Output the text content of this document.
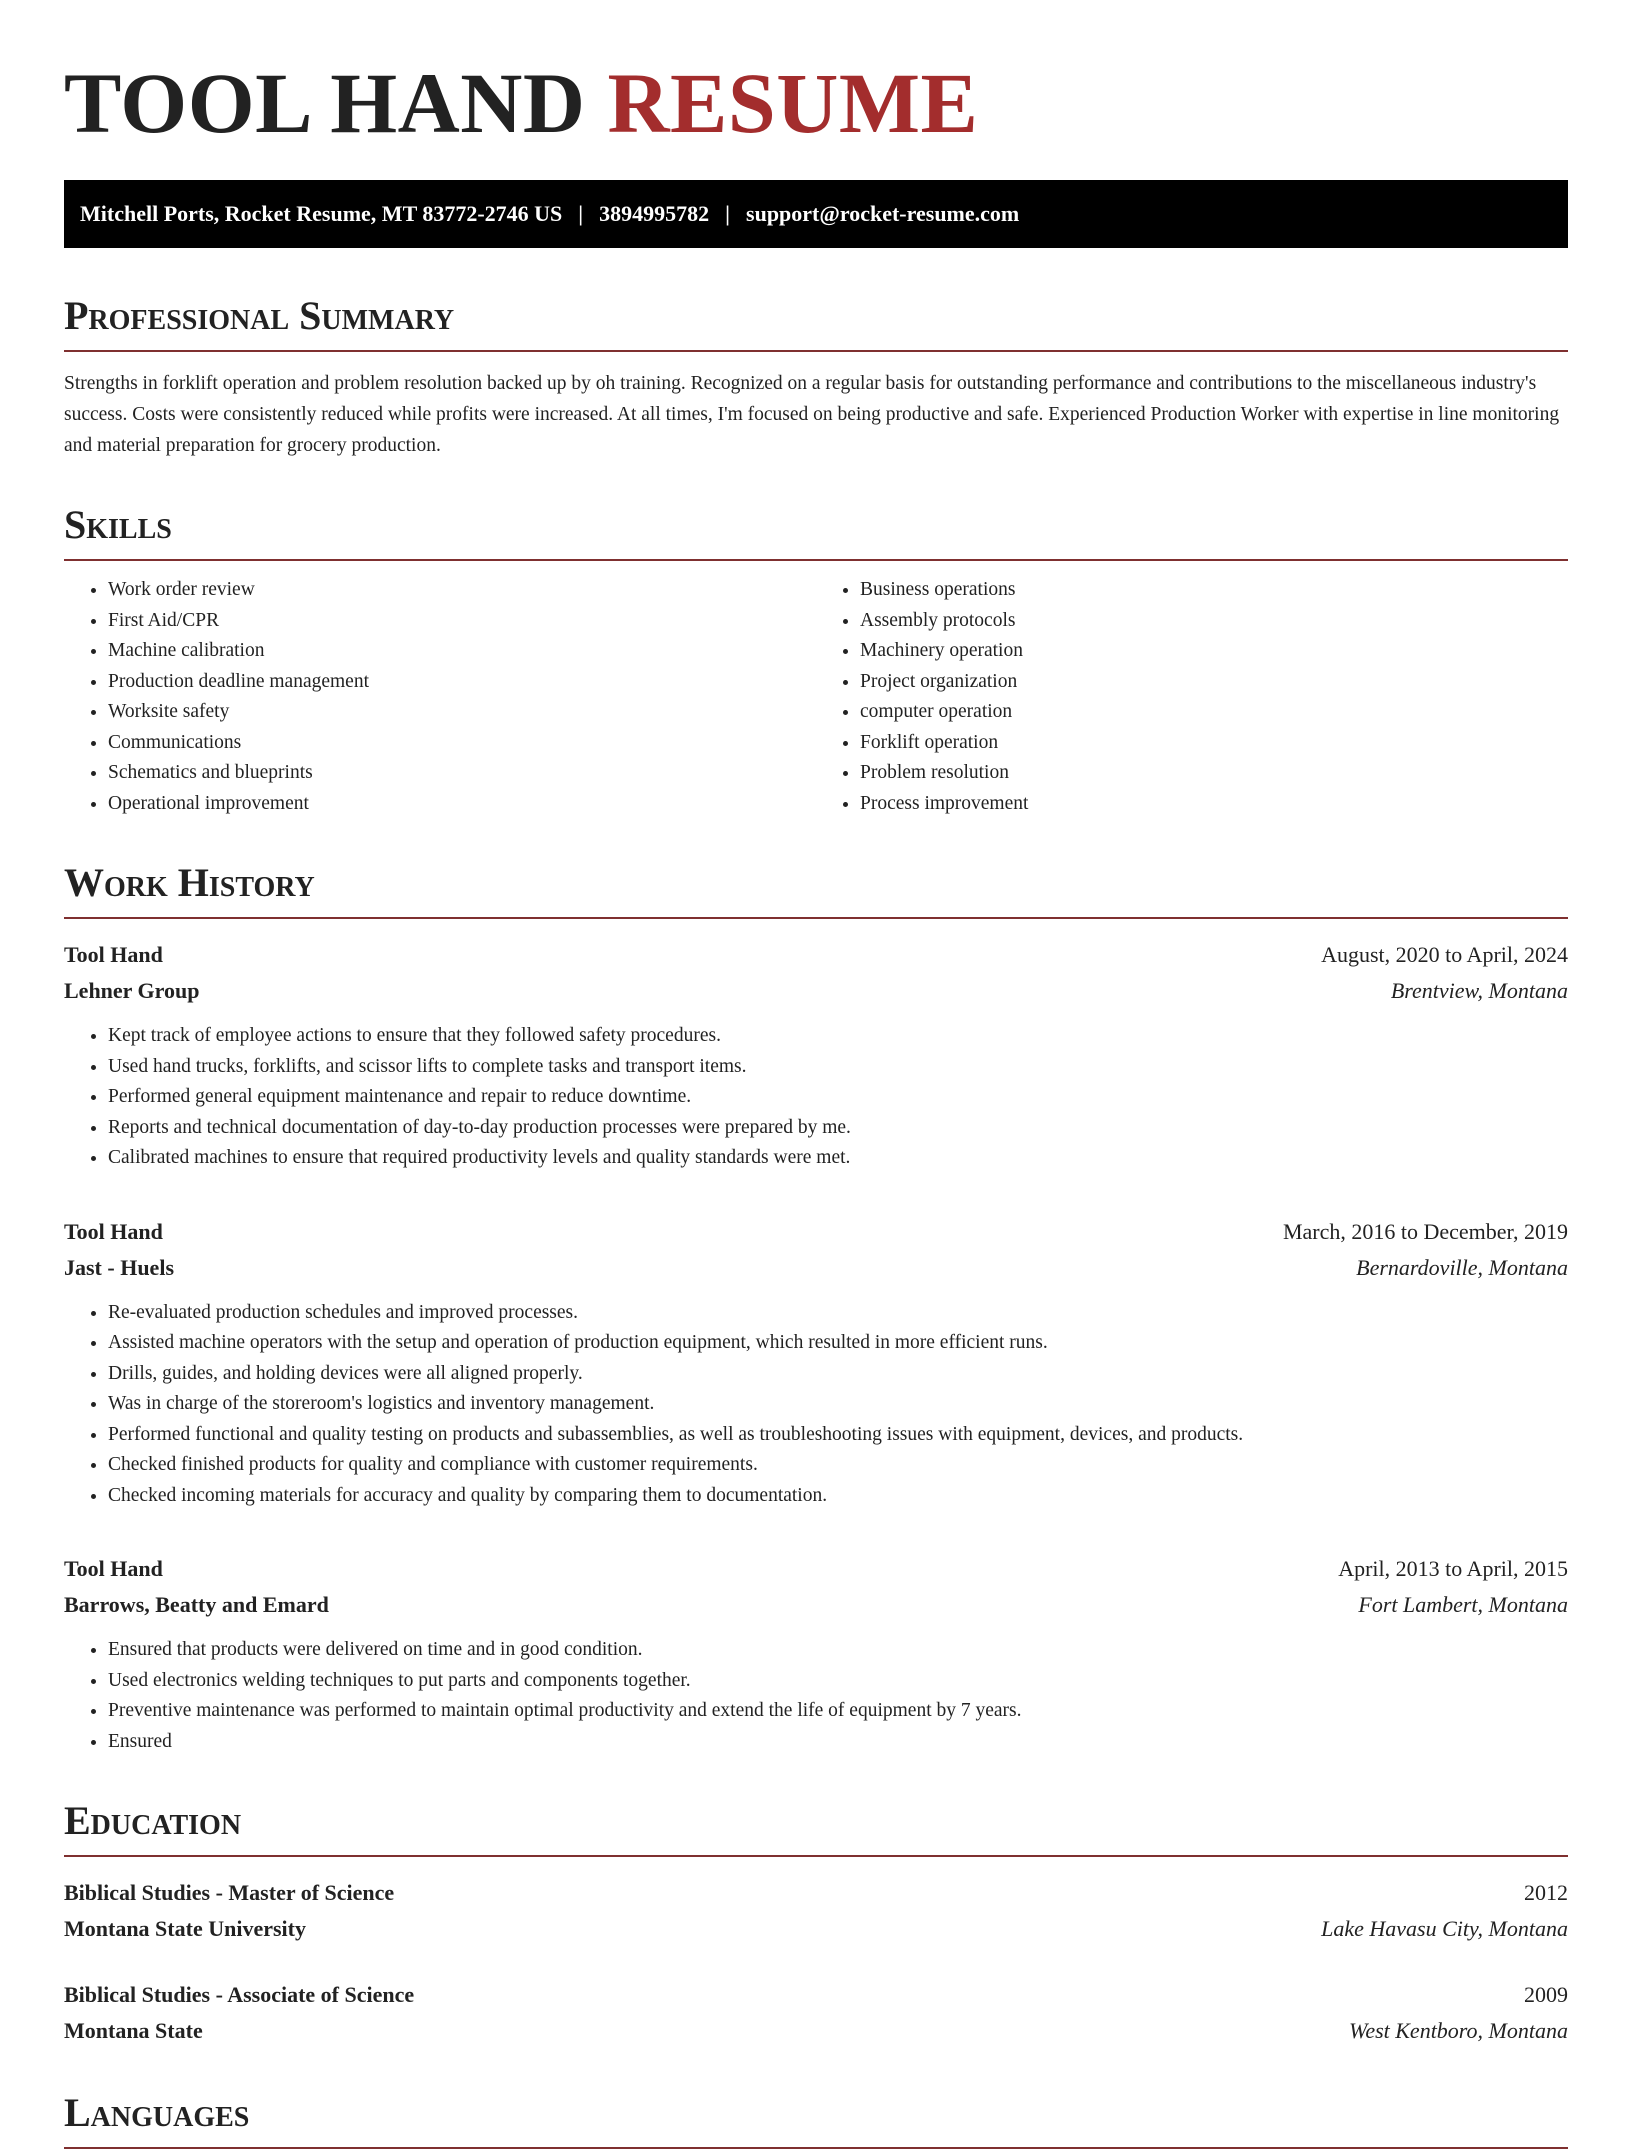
TOOL HAND RESUME
Mitchell Ports, Rocket Resume, MT 83772-2746 US | 3894995782 | support@rocket-resume.com
Professional Summary

Strengths in forklift operation and problem resolution backed up by oh training. Recognized on a regular basis for outstanding performance and contributions to the miscellaneous industry's success. Costs were consistently reduced while profits were increased. At all times, I'm focused on being productive and safe. Experienced Production Worker with expertise in line monitoring and material preparation for grocery production.

Skills
• Work order review
• First Aid/CPR
• Machine calibration
• Production deadline management
• Worksite safety
• Communications
• Schematics and blueprints
• Operational improvement
• Business operations
• Assembly protocols
• Machinery operation
• Project organization
• computer operation
• Forklift operation
• Problem resolution
• Process improvement
Work History
Tool Hand	August, 2020 to April, 2024
Lehner Group	Brentview, Montana
• Kept track of employee actions to ensure that they followed safety procedures.
• Used hand trucks, forklifts, and scissor lifts to complete tasks and transport items.
• Performed general equipment maintenance and repair to reduce downtime.
• Reports and technical documentation of day-to-day production processes were prepared by me.
• Calibrated machines to ensure that required productivity levels and quality standards were met.
Tool Hand	March, 2016 to December, 2019
Jast - Huels	Bernardoville, Montana
• Re-evaluated production schedules and improved processes.
• Assisted machine operators with the setup and operation of production equipment, which resulted in more efficient runs.
• Drills, guides, and holding devices were all aligned properly.
• Was in charge of the storeroom's logistics and inventory management.
• Performed functional and quality testing on products and subassemblies, as well as troubleshooting issues with equipment, devices, and products.
• Checked finished products for quality and compliance with customer requirements.
• Checked incoming materials for accuracy and quality by comparing them to documentation.
Tool Hand	April, 2013 to April, 2015
Barrows, Beatty and Emard	Fort Lambert, Montana
• Ensured that products were delivered on time and in good condition.
• Used electronics welding techniques to put parts and components together.
• Preventive maintenance was performed to maintain optimal productivity and extend the life of equipment by 7 years.
• Ensured
Education
Biblical Studies - Master of Science	2012
Montana State University	Lake Havasu City, Montana
Biblical Studies - Associate of Science	2009
Montana State	West Kentboro, Montana
Languages
